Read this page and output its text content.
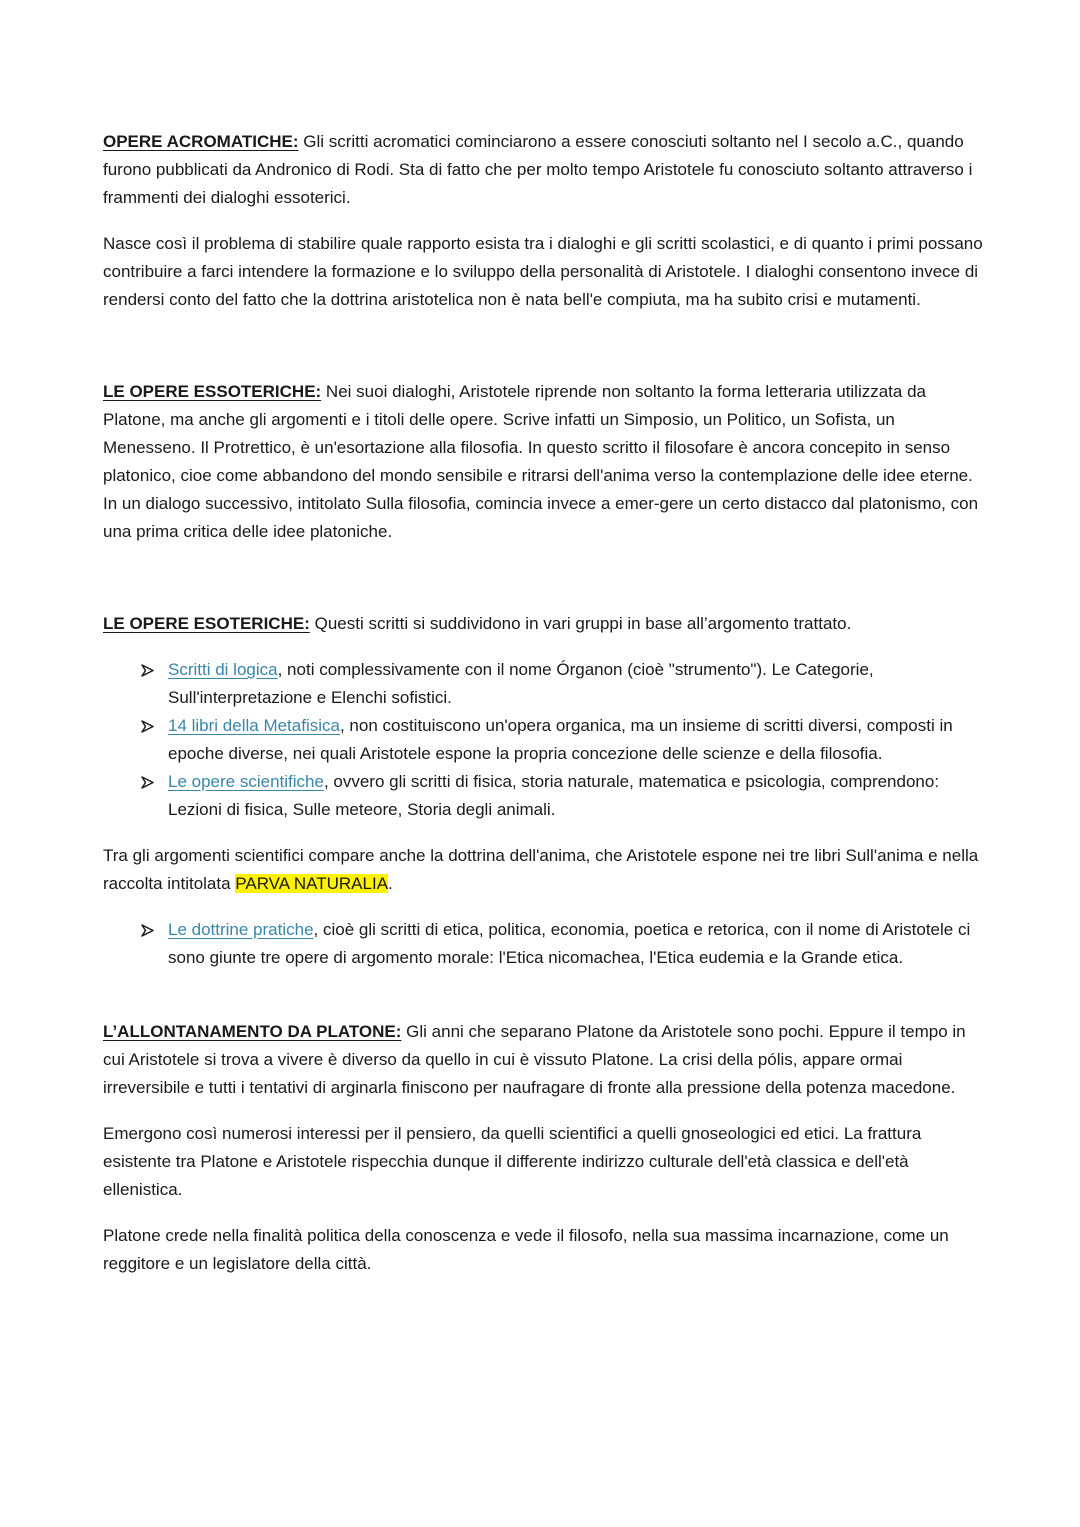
OPERE ACROMATICHE: Gli scritti acromatici cominciarono a essere conosciuti soltanto nel I secolo a.C., quando furono pubblicati da Andronico di Rodi. Sta di fatto che per molto tempo Aristotele fu conosciuto soltanto attraverso i frammenti dei dialoghi essoterici.

Nasce così il problema di stabilire quale rapporto esista tra i dialoghi e gli scritti scolastici, e di quanto i primi possano contribuire a farci intendere la formazione e lo sviluppo della personalità di Aristotele. I dialoghi consentono invece di rendersi conto del fatto che la dottrina aristotelica non è nata bell'e compiuta, ma ha subito crisi e mutamenti.

LE OPERE ESSOTERICHE: Nei suoi dialoghi, Aristotele riprende non soltanto la forma letteraria utilizzata da Platone, ma anche gli argomenti e i titoli delle opere. Scrive infatti un Simposio, un Politico, un Sofista, un Menesseno. Il Protrettico, è un'esortazione alla filosofia. In questo scritto il filosofare è ancora concepito in senso platonico, cioe come abbandono del mondo sensibile e ritrarsi dell'anima verso la contemplazione delle idee eterne. In un dialogo successivo, intitolato Sulla filosofia, comincia invece a emer-gere un certo distacco dal platonismo, con una prima critica delle idee platoniche.

LE OPERE ESOTERICHE: Questi scritti si suddividono in vari gruppi in base all’argomento trattato.

Scritti di logica, noti complessivamente con il nome Órganon (cioè "strumento"). Le Categorie, Sull'interpretazione e Elenchi sofistici.
14 libri della Metafisica, non costituiscono un'opera organica, ma un insieme di scritti diversi, composti in epoche diverse, nei quali Aristotele espone la propria concezione delle scienze e della filosofia.
Le opere scientifiche, ovvero gli scritti di fisica, storia naturale, matematica e psicologia, comprendono: Lezioni di fisica, Sulle meteore, Storia degli animali.

Tra gli argomenti scientifici compare anche la dottrina dell'anima, che Aristotele espone nei tre libri Sull'anima e nella raccolta intitolata PARVA NATURALIA.

Le dottrine pratiche, cioè gli scritti di etica, politica, economia, poetica e retorica, con il nome di Aristotele ci sono giunte tre opere di argomento morale: l'Etica nicomachea, l'Etica eudemia e la Grande etica.

L’ALLONTANAMENTO DA PLATONE: Gli anni che separano Platone da Aristotele sono pochi. Eppure il tempo in cui Aristotele si trova a vivere è diverso da quello in cui è vissuto Platone. La crisi della pólis, appare ormai irreversibile e tutti i tentativi di arginarla finiscono per naufragare di fronte alla pressione della potenza macedone.

Emergono così numerosi interessi per il pensiero, da quelli scientifici a quelli gnoseologici ed etici. La frattura esistente tra Platone e Aristotele rispecchia dunque il differente indirizzo culturale dell'età classica e dell'età ellenistica.

Platone crede nella finalità politica della conoscenza e vede il filosofo, nella sua massima incarnazione, come un reggitore e un legislatore della città.
